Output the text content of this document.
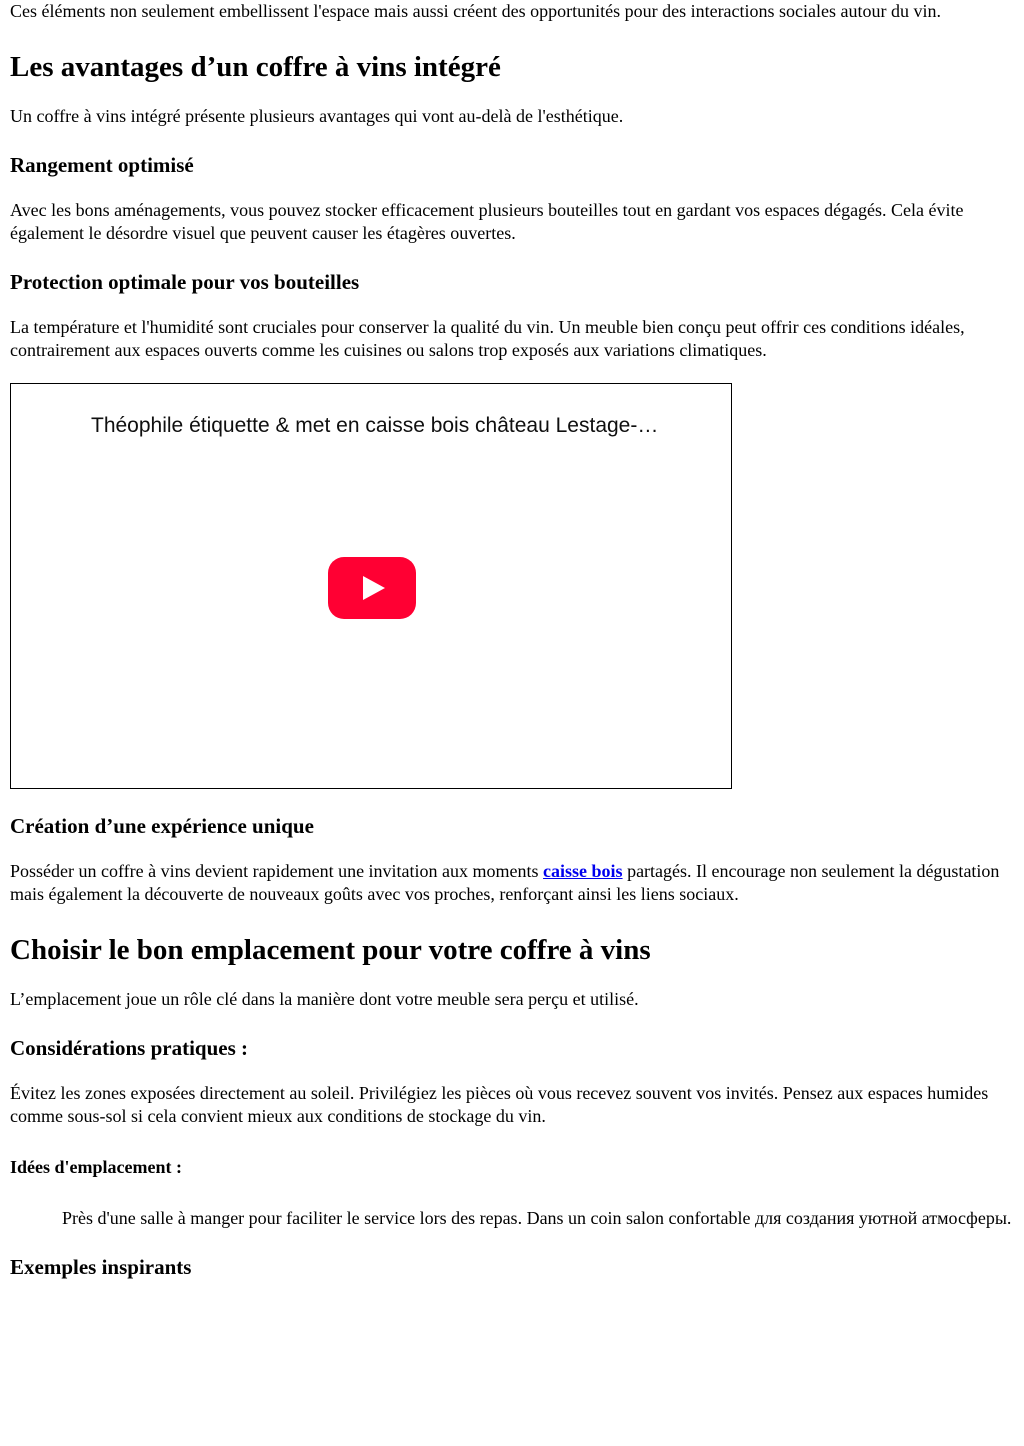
Ces éléments non seulement embellissent l'espace mais aussi créent des opportunités pour des interactions sociales autour du vin.

Les avantages d’un coffre à vins intégré

Un coffre à vins intégré présente plusieurs avantages qui vont au-delà de l'esthétique.

Rangement optimisé

Avec les bons aménagements, vous pouvez stocker efficacement plusieurs bouteilles tout en gardant vos espaces dégagés. Cela évite également le désordre visuel que peuvent causer les étagères ouvertes.

Protection optimale pour vos bouteilles

La température et l'humidité sont cruciales pour conserver la qualité du vin. Un meuble bien conçu peut offrir ces conditions idéales, contrairement aux espaces ouverts comme les cuisines ou salons trop exposés aux variations climatiques.

Théophile étiquette & met en caisse bois château Lestage-…
Création d’une expérience unique

Posséder un coffre à vins devient rapidement une invitation aux moments caisse bois partagés. Il encourage non seulement la dégustation mais également la découverte de nouveaux goûts avec vos proches, renforçant ainsi les liens sociaux.

Choisir le bon emplacement pour votre coffre à vins

L’emplacement joue un rôle clé dans la manière dont votre meuble sera perçu et utilisé.

Considérations pratiques :

Évitez les zones exposées directement au soleil. Privilégiez les pièces où vous recevez souvent vos invités. Pensez aux espaces humides comme sous-sol si cela convient mieux aux conditions de stockage du vin.

Idées d'emplacement :
Près d'une salle à manger pour faciliter le service lors des repas. Dans un coin salon confortable для создания уютной атмосферы.
Exemples inspirants
